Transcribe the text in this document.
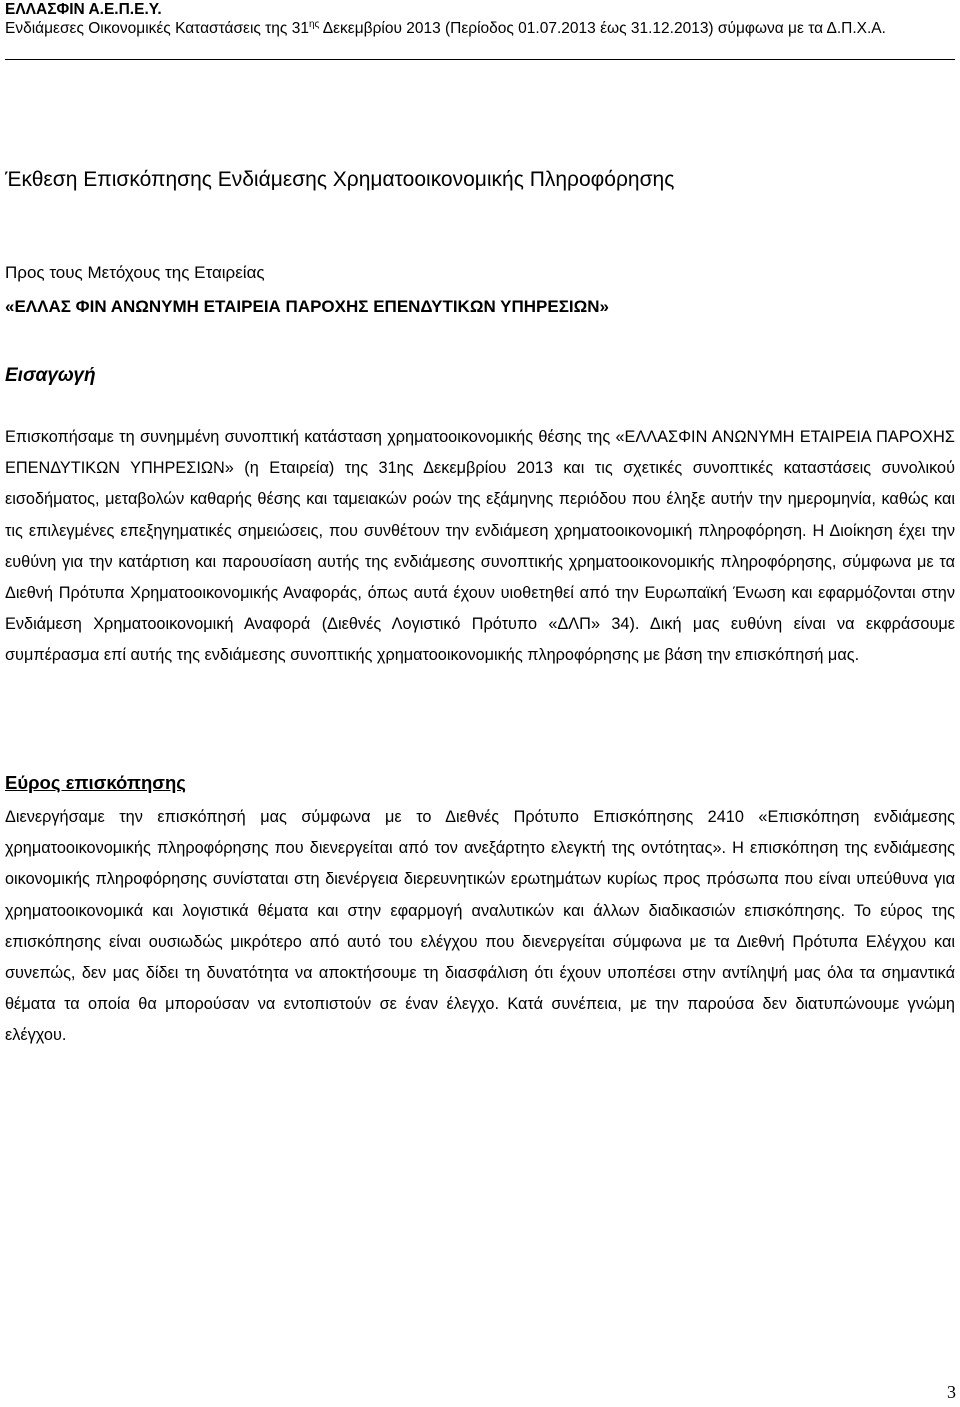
ΕΛΛΑΣΦΙΝ Α.Ε.Π.Ε.Υ.
Ενδιάμεσες Οικονομικές Καταστάσεις της $31^{\eta\varsigma}$ Δεκεμβρίου 2013 (Περίοδος 01.07.2013 έως 31.12.2013) σύμφωνα με τα Δ.Π.Χ.Α.
Έκθεση Επισκόπησης Ενδιάμεσης Χρηματοοικονομικής Πληροφόρησης
Προς τους Μετόχους της Εταιρείας
«ΕΛΛΑΣ ΦΙΝ ΑΝΩΝΥΜΗ ΕΤΑΙΡΕΙΑ ΠΑΡΟΧΗΣ ΕΠΕΝΔΥΤΙΚΩΝ ΥΠΗΡΕΣΙΩΝ»
Εισαγωγή

Επισκοπήσαμε τη συνημμένη συνοπτική κατάσταση χρηματοοικονομικής θέσης της «ΕΛΛΑΣΦΙΝ ΑΝΩΝΥΜΗ ΕΤΑΙΡΕΙΑ ΠΑΡΟΧΗΣ ΕΠΕΝΔΥΤΙΚΩΝ ΥΠΗΡΕΣΙΩΝ» (η Εταιρεία) της 31ης Δεκεμβρίου 2013 και τις σχετικές συνοπτικές καταστάσεις συνολικού εισοδήματος, μεταβολών καθαρής θέσης και ταμειακών ροών της εξάμηνης περιόδου που έληξε αυτήν την ημερομηνία, καθώς και τις επιλεγμένες επεξηγηματικές σημειώσεις, που συνθέτουν την ενδιάμεση χρηματοοικονομική πληροφόρηση. Η Διοίκηση έχει την ευθύνη για την κατάρτιση και παρουσίαση αυτής της ενδιάμεσης συνοπτικής χρηματοοικονομικής πληροφόρησης, σύμφωνα με τα Διεθνή Πρότυπα Χρηματοοικονομικής Αναφοράς, όπως αυτά έχουν υιοθετηθεί από την Ευρωπαϊκή Ένωση και εφαρμόζονται στην Ενδιάμεση Χρηματοοικονομική Αναφορά (Διεθνές Λογιστικό Πρότυπο «ΔΛΠ» 34). Δική μας ευθύνη είναι να εκφράσουμε συμπέρασμα επί αυτής της ενδιάμεσης συνοπτικής χρηματοοικονομικής πληροφόρησης με βάση την επισκόπησή μας.

Εύρος επισκόπησης

Διενεργήσαμε την επισκόπησή μας σύμφωνα με το Διεθνές Πρότυπο Επισκόπησης 2410 «Επισκόπηση ενδιάμεσης χρηματοοικονομικής πληροφόρησης που διενεργείται από τον ανεξάρτητο ελεγκτή της οντότητας». Η επισκόπηση της ενδιάμεσης οικονομικής πληροφόρησης συνίσταται στη διενέργεια διερευνητικών ερωτημάτων κυρίως προς πρόσωπα που είναι υπεύθυνα για χρηματοοικονομικά και λογιστικά θέματα και στην εφαρμογή αναλυτικών και άλλων διαδικασιών επισκόπησης. Το εύρος της επισκόπησης είναι ουσιωδώς μικρότερο από αυτό του ελέγχου που διενεργείται σύμφωνα με τα Διεθνή Πρότυπα Ελέγχου και συνεπώς, δεν μας δίδει τη δυνατότητα να αποκτήσουμε τη διασφάλιση ότι έχουν υποπέσει στην αντίληψή μας όλα τα σημαντικά θέματα τα οποία θα μπορούσαν να εντοπιστούν σε έναν έλεγχο. Κατά συνέπεια, με την παρούσα δεν διατυπώνουμε γνώμη ελέγχου.

3
